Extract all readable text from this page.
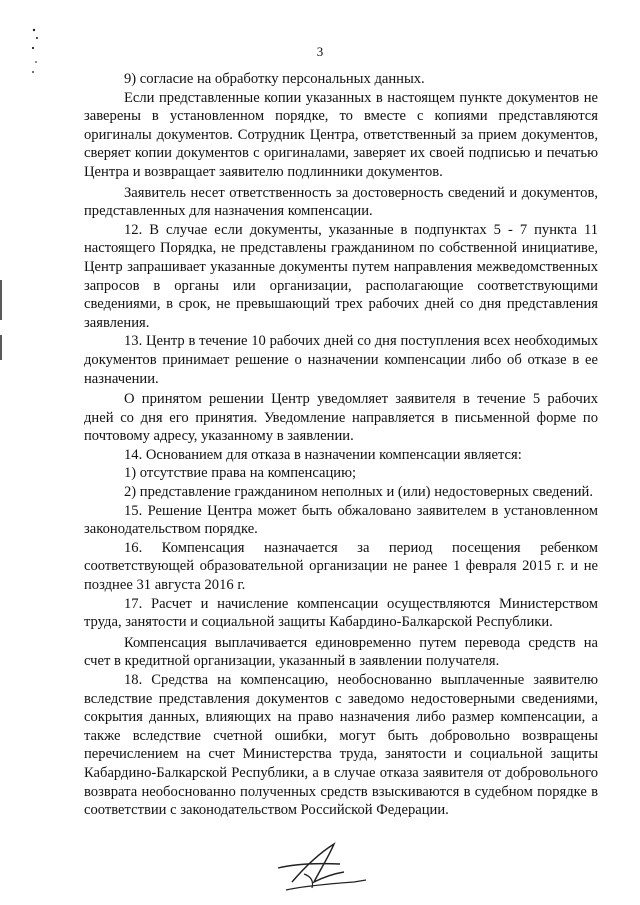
3

9) согласие на обработку персональных данных.

Если представленные копии указанных в настоящем пункте документов не заверены в установленном порядке, то вместе с копиями представляются оригиналы документов. Сотрудник Центра, ответственный за прием документов, сверяет копии документов с оригиналами, заверяет их своей подписью и печатью Центра и возвращает заявителю подлинники документов.

Заявитель несет ответственность за достоверность сведений и документов, представленных для назначения компенсации.

12. В случае если документы, указанные в подпунктах 5 - 7 пункта 11 настоящего Порядка, не представлены гражданином по собственной инициативе, Центр запрашивает указанные документы путем направления межведомственных запросов в органы или организации, располагающие соответствующими сведениями, в срок, не превышающий трех рабочих дней со дня представления заявления.

13. Центр в течение 10 рабочих дней со дня поступления всех необходимых документов принимает решение о назначении компенсации либо об отказе в ее назначении.

О принятом решении Центр уведомляет заявителя в течение 5 рабочих дней со дня его принятия. Уведомление направляется в письменной форме по почтовому адресу, указанному в заявлении.

14. Основанием для отказа в назначении компенсации является:

1) отсутствие права на компенсацию;

2) представление гражданином неполных и (или) недостоверных сведений.

15. Решение Центра может быть обжаловано заявителем в установленном законодательством порядке.

16. Компенсация назначается за период посещения ребенком соответствующей образовательной организации не ранее 1 февраля 2015 г. и не позднее 31 августа 2016 г.

17. Расчет и начисление компенсации осуществляются Министерством труда, занятости и социальной защиты Кабардино-Балкарской Республики.

Компенсация выплачивается единовременно путем перевода средств на счет в кредитной организации, указанный в заявлении получателя.

18. Средства на компенсацию, необоснованно выплаченные заявителю вследствие представления документов с заведомо недостоверными сведениями, сокрытия данных, влияющих на право назначения либо размер компенсации, а также вследствие счетной ошибки, могут быть добровольно возвращены перечислением на счет Министерства труда, занятости и социальной защиты Кабардино-Балкарской Республики, а в случае отказа заявителя от добровольного возврата необоснованно полученных средств взыскиваются в судебном порядке в соответствии с законодательством Российской Федерации.
